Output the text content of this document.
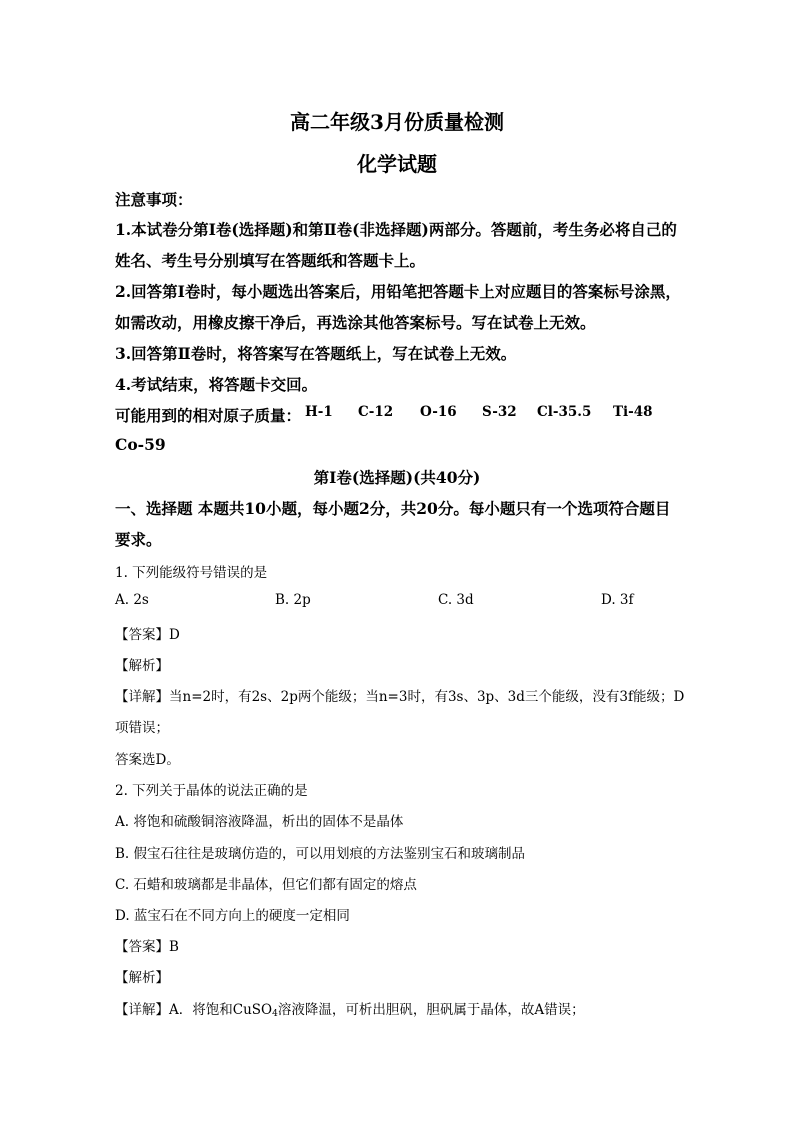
高二年级3月份质量检测
化学试题
注意事项：
1.本试卷分第Ⅰ卷(选择题)和第Ⅱ卷(非选择题)两部分。答题前，考生务必将自己的
姓名、考生号分别填写在答题纸和答题卡上。
2.回答第Ⅰ卷时，每小题选出答案后，用铅笔把答题卡上对应题目的答案标号涂黑，
如需改动，用橡皮擦干净后，再选涂其他答案标号。写在试卷上无效。
3.回答第Ⅱ卷时，将答案写在答题纸上，写在试卷上无效。
4.考试结束，将答题卡交回。
可能用到的相对原子质量： H-1 C-12 O-16 S-32 Cl-35.5 Ti-48
Co-59
第Ⅰ卷(选择题)(共40分)
一、选择题 本题共10小题，每小题2分，共20分。每小题只有一个选项符合题目
要求。
1. 下列能级符号错误的是
A. 2s	B. 2p	C. 3d	D. 3f
【答案】D
【解析】
【详解】当n=2时，有2s、2p两个能级；当n=3时，有3s、3p、3d三个能级，没有3f能级；D
项错误；
答案选D。
2. 下列关于晶体的说法正确的是
A. 将饱和硫酸铜溶液降温，析出的固体不是晶体
B. 假宝石往往是玻璃仿造的，可以用划痕的方法鉴别宝石和玻璃制品
C. 石蜡和玻璃都是非晶体，但它们都有固定的熔点
D. 蓝宝石在不同方向上的硬度一定相同
【答案】B
【解析】
【详解】A．将饱和CuSO$_4$溶液降温，可析出胆矾，胆矾属于晶体，故A错误；
